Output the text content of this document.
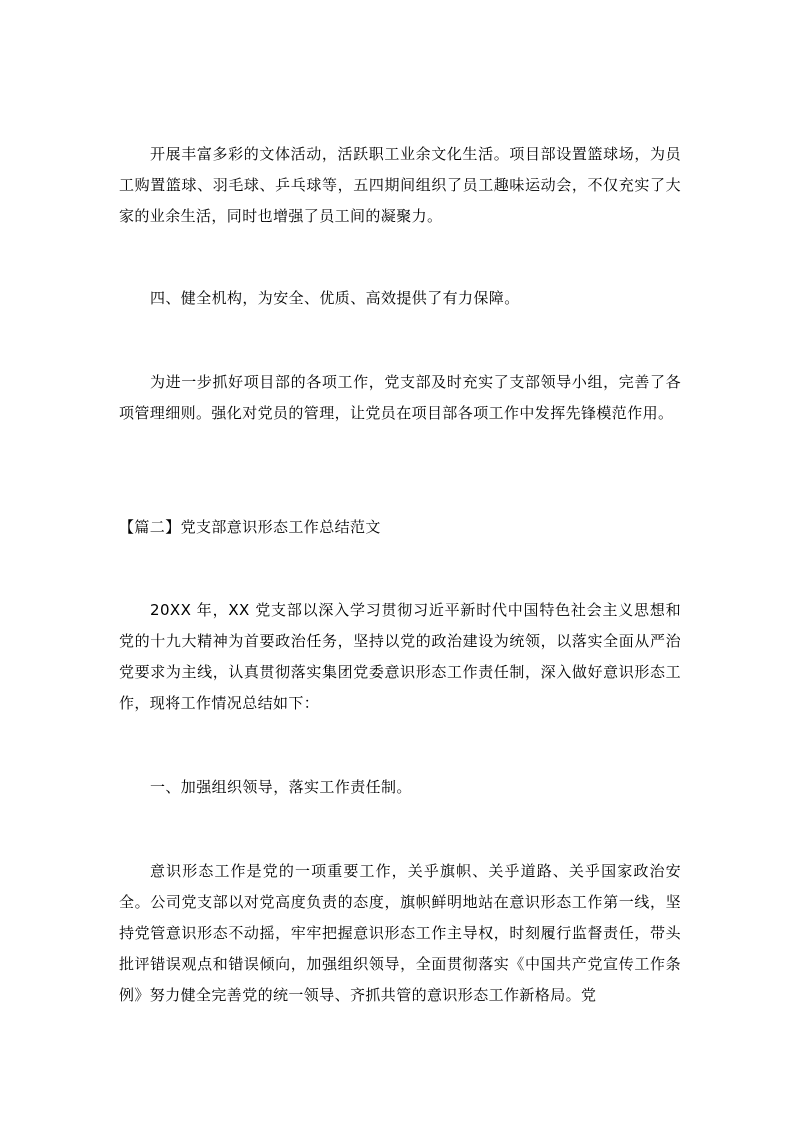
开展丰富多彩的文体活动，活跃职工业余文化生活。项目部设置篮球场，为员工购置篮球、羽毛球、乒乓球等，五四期间组织了员工趣味运动会，不仅充实了大家的业余生活，同时也增强了员工间的凝聚力。

四、健全机构，为安全、优质、高效提供了有力保障。

为进一步抓好项目部的各项工作，党支部及时充实了支部领导小组，完善了各项管理细则。强化对党员的管理，让党员在项目部各项工作中发挥先锋模范作用。

【篇二】党支部意识形态工作总结范文

20XX 年，XX 党支部以深入学习贯彻习近平新时代中国特色社会主义思想和党的十九大精神为首要政治任务，坚持以党的政治建设为统领，以落实全面从严治党要求为主线，认真贯彻落实集团党委意识形态工作责任制，深入做好意识形态工作，现将工作情况总结如下：

一、加强组织领导，落实工作责任制。

意识形态工作是党的一项重要工作，关乎旗帜、关乎道路、关乎国家政治安全。公司党支部以对党高度负责的态度，旗帜鲜明地站在意识形态工作第一线，坚持党管意识形态不动摇，牢牢把握意识形态工作主导权，时刻履行监督责任，带头批评错误观点和错误倾向，加强组织领导，全面贯彻落实《中国共产党宣传工作条例》努力健全完善党的统一领导、齐抓共管的意识形态工作新格局。党
